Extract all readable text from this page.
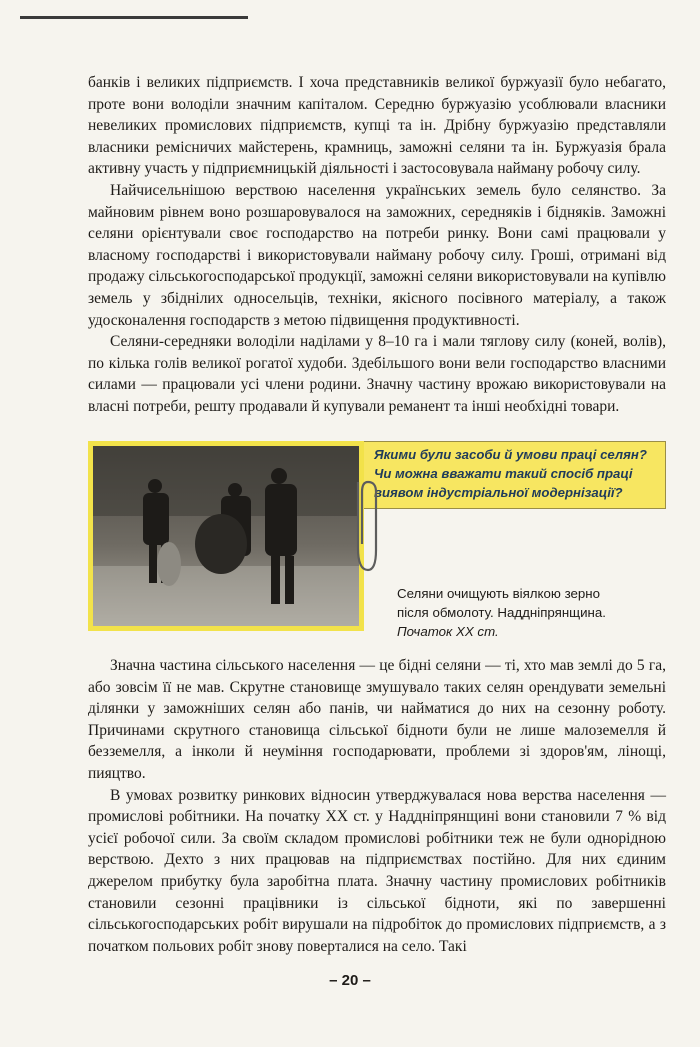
банків і великих підприємств. І хоча представників великої буржуазії було небагато, проте вони володіли значним капіталом. Середню буржуазію усоблювали власники невеликих промислових підприємств, купці та ін. Дрібну буржуазію представляли власники ремісничих майстерень, крамниць, заможні селяни та ін. Буржуазія брала активну участь у підприємницькій діяльності і застосовувала найману робочу силу.

Найчисельнішою верствою населення українських земель було селянство. За майновим рівнем воно розшаровувалося на заможних, середняків і бідняків. Заможні селяни орієнтували своє господарство на потреби ринку. Вони самі працювали у власному господарстві і використовували найману робочу силу. Гроші, отримані від продажу сільськогосподарської продукції, заможні селяни використовували на купівлю земель у збіднілих односельців, техніки, якісного посівного матеріалу, а також удосконалення господарств з метою підвищення продуктивності.

Селяни-середняки володіли наділами у 8–10 га і мали тяглову силу (коней, волів), по кілька голів великої рогатої худоби. Здебільшого вони вели господарство власними силами — працювали усі члени родини. Значну частину врожаю використовували на власні потреби, решту продавали й купували реманент та інші необхідні товари.

Якими були засоби й умови праці селян?
Чи можна вважати такий спосіб праці
виявом індустріальної модернізації?
Селяни очищують віялкою зерно
після обмолоту. Наддніпрянщина.
Початок XX ст.

Значна частина сільського населення — це бідні селяни — ті, хто мав землі до 5 га, або зовсім її не мав. Скрутне становище змушувало таких селян орендувати земельні ділянки у заможніших селян або панів, чи найматися до них на сезонну роботу. Причинами скрутного становища сільської бідноти були не лише малоземелля й безземелля, а інколи й неуміння господарювати, проблеми зі здоров'ям, лінощі, пияцтво.

В умовах розвитку ринкових відносин утверджувалася нова верства населення — промислові робітники. На початку XX ст. у Наддніпрянщині вони становили 7 % від усієї робочої сили. За своїм складом промислові робітники теж не були однорідною верствою. Дехто з них працював на підприємствах постійно. Для них єдиним джерелом прибутку була заробітна плата. Значну частину промислових робітників становили сезонні працівники із сільської бідноти, які по завершенні сільськогосподарських робіт вирушали на підробіток до промислових підприємств, а з початком польових робіт знову поверталися на село. Такі

– 20 –
